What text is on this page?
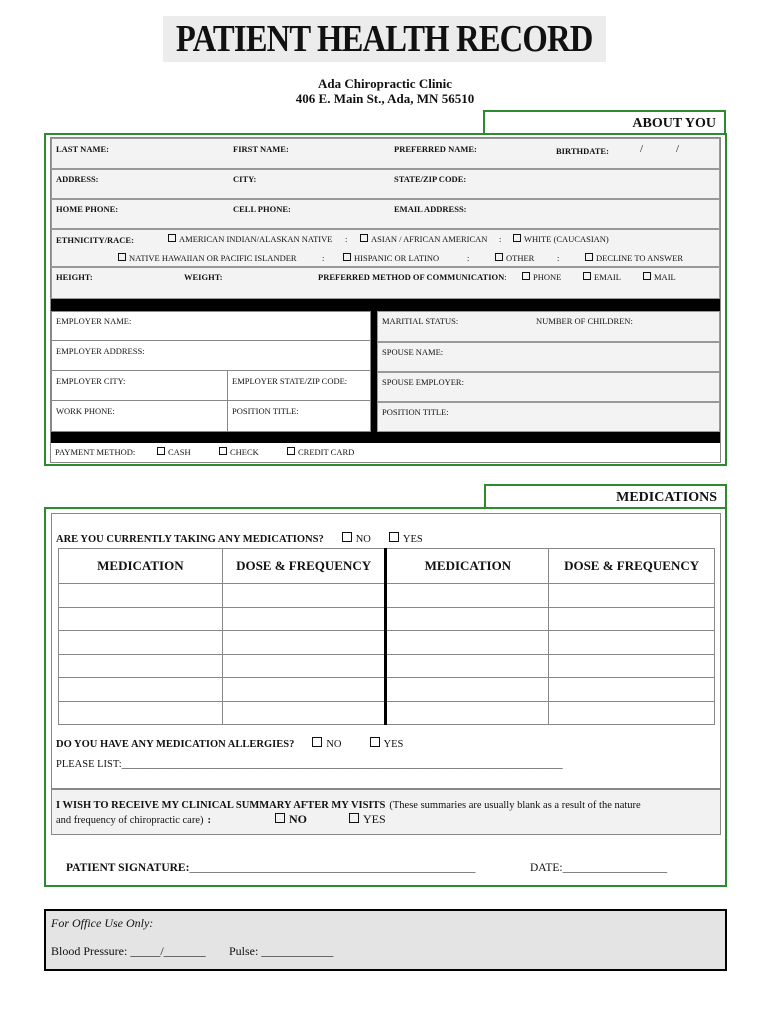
PATIENT HEALTH RECORD
Ada Chiropractic Clinic
406 E. Main St., Ada, MN 56510
ABOUT YOU
LAST NAME:	FIRST NAME:	PREFERRED NAME:	BIRTHDATE:	/	/
ADDRESS:	CITY:	STATE/ZIP CODE:
HOME PHONE:	CELL PHONE:	EMAIL ADDRESS:
ETHNICITY/RACE:	AMERICAN INDIAN/ALASKAN NATIVE :	ASIAN / AFRICAN AMERICAN :	WHITE (CAUCASIAN)
NATIVE HAWAIIAN OR PACIFIC ISLANDER	:	HISPANIC OR LATINO	:	OTHER	:	DECLINE TO ANSWER
HEIGHT:	WEIGHT:	PREFERRED METHOD OF COMMUNICATION:	PHONE	EMAIL	MAIL
EMPLOYER NAME:
EMPLOYER ADDRESS:
EMPLOYER CITY:	EMPLOYER STATE/ZIP CODE:
WORK PHONE:	POSITION TITLE:
MARITIAL STATUS:	NUMBER OF CHILDREN:
SPOUSE NAME:
SPOUSE EMPLOYER:
POSITION TITLE:
PAYMENT METHOD:	CASH	CHECK	CREDIT CARD
MEDICATIONS
ARE YOU CURRENTLY TAKING ANY MEDICATIONS?	NO	YES
MEDICATION	DOSE & FREQUENCY	MEDICATION	DOSE & FREQUENCY

DO YOU HAVE ANY MEDICATION ALLERGIES?	NO	YES
PLEASE LIST:____________________________________________________________________________________
I WISH TO RECEIVE MY CLINICAL SUMMARY AFTER MY VISITS (These summaries are usually blank as a result of the nature
and frequency of chiropractic care) :	NO	YES
PATIENT SIGNATURE:____________________________________________________	DATE:___________________
For Office Use Only:
Blood Pressure: _____/_______ Pulse: ____________
